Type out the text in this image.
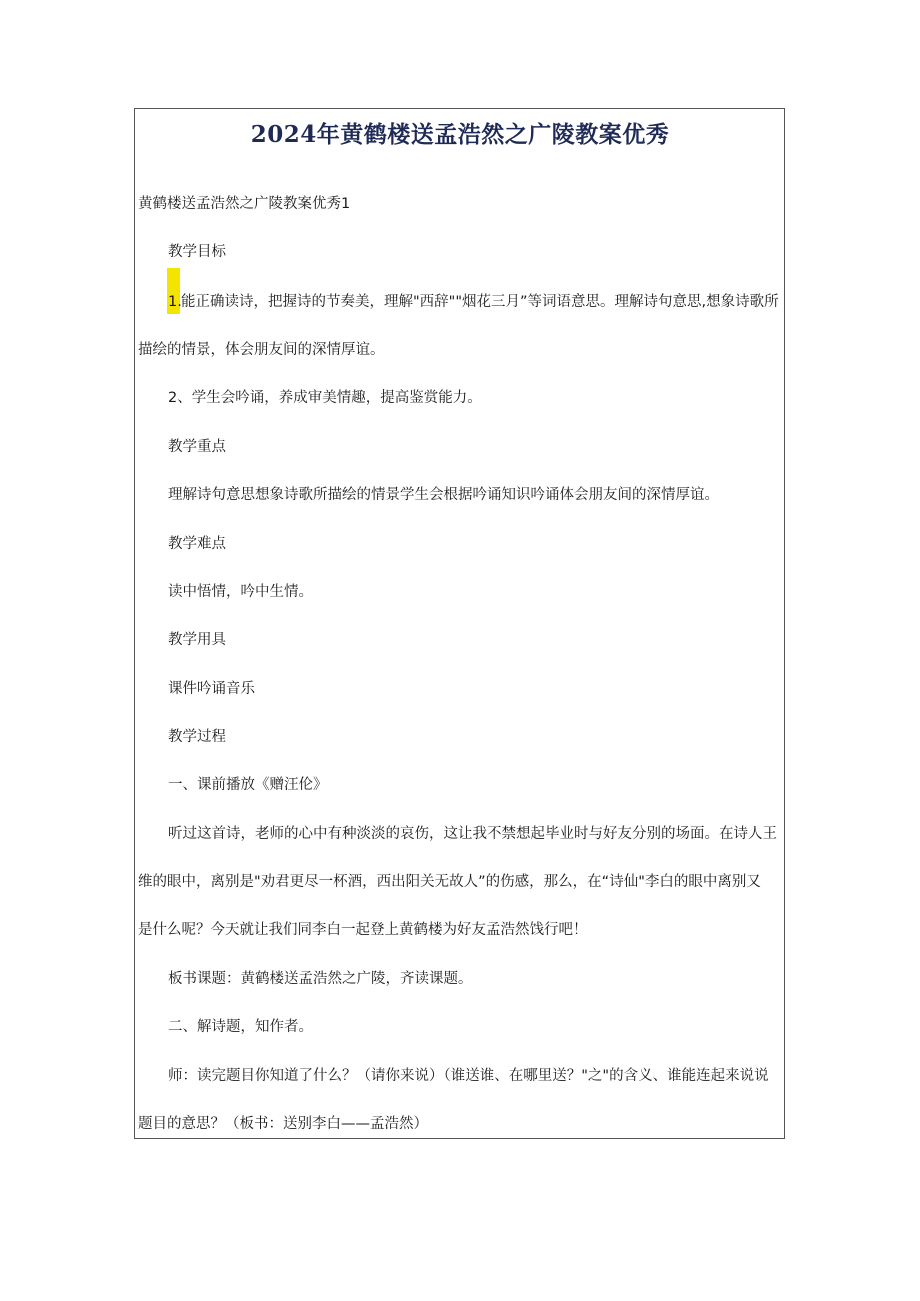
2024年黄鹤楼送孟浩然之广陵教案优秀

黄鹤楼送孟浩然之广陵教案优秀1

教学目标

1. 能正确读诗，把握诗的节奏美，理解"西辞""烟花三月”等词语意思。理解诗句意思,想象诗歌所

描绘的情景，体会朋友间的深情厚谊。

2、学生会吟诵，养成审美情趣，提高鉴赏能力。

教学重点

理解诗句意思想象诗歌所描绘的情景学生会根据吟诵知识吟诵体会朋友间的深情厚谊。

教学难点

读中悟情，吟中生情。

教学用具

课件吟诵音乐

教学过程

一、课前播放《赠汪伦》

听过这首诗，老师的心中有种淡淡的哀伤，这让我不禁想起毕业时与好友分别的场面。在诗人王

维的眼中，离别是"劝君更尽一杯酒，西出阳关无故人”的伤感，那么，在“诗仙"李白的眼中离别又

是什么呢？今天就让我们同李白一起登上黄鹤楼为好友孟浩然饯行吧！

板书课题：黄鹤楼送孟浩然之广陵，齐读课题。

二、解诗题，知作者。

师：读完题目你知道了什么？（请你来说）（谁送谁、在哪里送？"之"的含义、谁能连起来说说

题目的意思？（板书：送别李白——孟浩然）
